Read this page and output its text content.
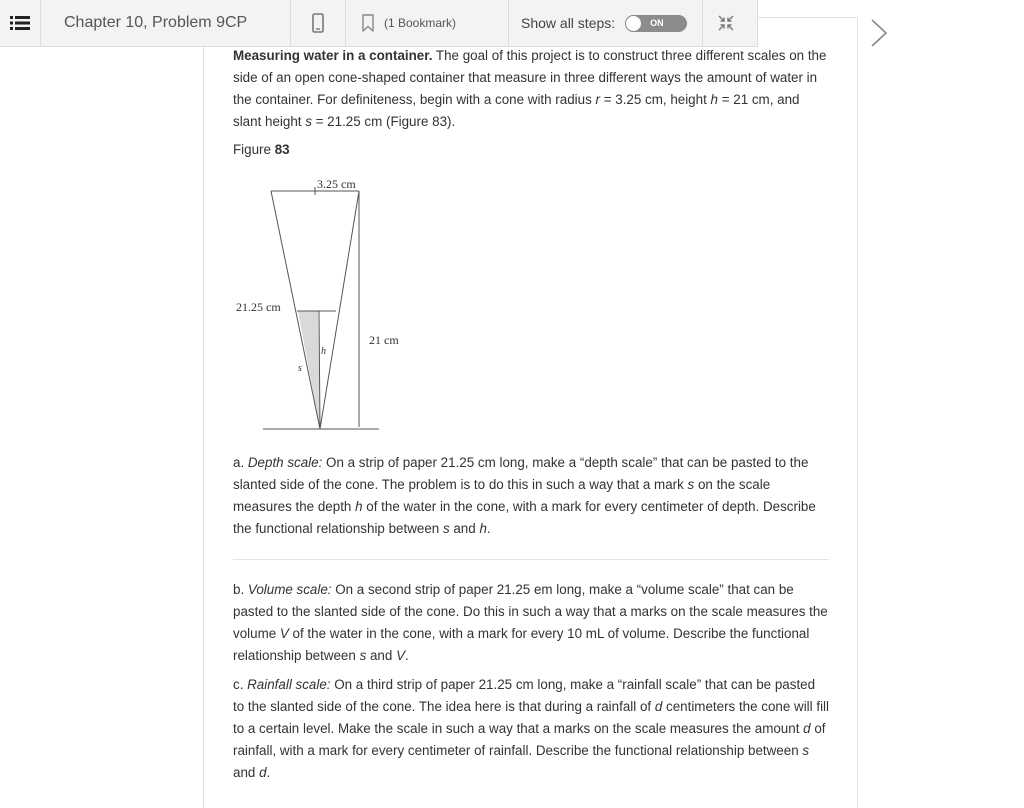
Chapter 10, Problem 9CP	(1 Bookmark)	Show all steps:	ON

Measuring water in a container. The goal of this project is to construct three different scales on the side of an open cone-shaped container that measure in three different ways the amount of water in the container. For definiteness, begin with a cone with radius r = 3.25 cm, height h = 21 cm, and slant height s = 21.25 cm (Figure 83).

Figure 83

3.25 cm
21.25 cm
21 cm
h
s

a. Depth scale: On a strip of paper 21.25 cm long, make a “depth scale” that can be pasted to the slanted side of the cone. The problem is to do this in such a way that a mark s on the scale measures the depth h of the water in the cone, with a mark for every centimeter of depth. Describe the functional relationship between s and h.

b. Volume scale: On a second strip of paper 21.25 em long, make a “volume scale” that can be pasted to the slanted side of the cone. Do this in such a way that a marks on the scale measures the volume V of the water in the cone, with a mark for every 10 mL of volume. Describe the functional relationship between s and V.

c. Rainfall scale: On a third strip of paper 21.25 cm long, make a “rainfall scale” that can be pasted to the slanted side of the cone. The idea here is that during a rainfall of d centimeters the cone will fill to a certain level. Make the scale in such a way that a marks on the scale measures the amount d of rainfall, with a mark for every centimeter of rainfall. Describe the functional relationship between s and d.
